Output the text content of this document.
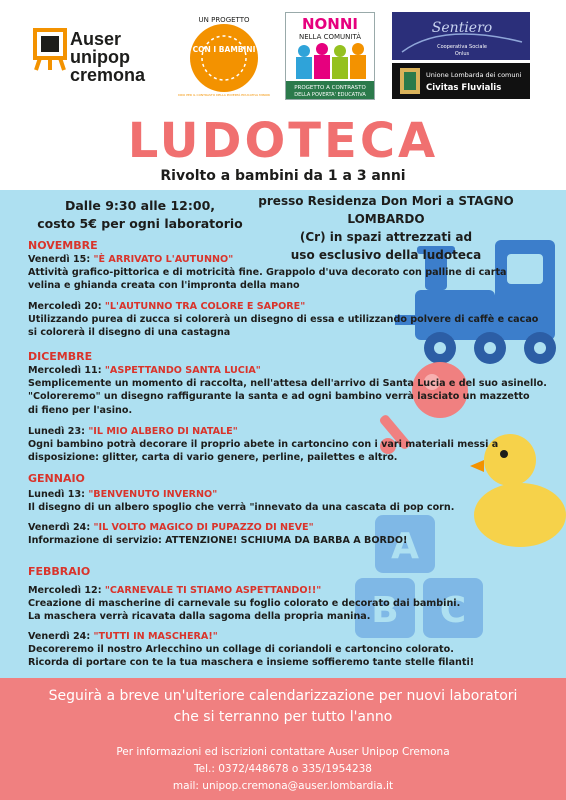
Auser
unipop
cremona
UN PROGETTO
CON I BAMBINI
FONDO PER IL CONTRASTO DELLA POVERTÀ EDUCATIVA MINORILE
NONNI
NELLA COMUNITÀ
PROGETTO A CONTRASTO
DELLA POVERTA' EDUCATIVA
Sentiero
Cooperativa Sociale
Onlus
Unione Lombarda dei comuni
Civitas Fluvialis
LUDOTECA
Rivolto a bambini da 1 a 3 anni
A
B C
Dalle 9:30 alle 12:00,
costo 5€ per ogni laboratorio
presso Residenza Don Mori a STAGNO LOMBARDO
(Cr) in spazi attrezzati ad
uso esclusivo della ludoteca
NOVEMBRE
Venerdì 15: "È ARRIVATO L'AUTUNNO"
Attività grafico-pittorica e di motricità fine. Grappolo d'uva decorato con palline di carta
velina e ghianda creata con l'impronta della mano
Mercoledì 20: "L'AUTUNNO TRA COLORE E SAPORE"
Utilizzando purea di zucca si colorerà un disegno di essa e utilizzando polvere di caffè e cacao
si colorerà il disegno di una castagna
DICEMBRE
Mercoledì 11: "ASPETTANDO SANTA LUCIA"
Semplicemente un momento di raccolta, nell'attesa dell'arrivo di Santa Lucia e del suo asinello.
"Coloreremo" un disegno raffigurante la santa e ad ogni bambino verrà lasciato un mazzetto
di fieno per l'asino.
Lunedì 23: "IL MIO ALBERO DI NATALE"
Ogni bambino potrà decorare il proprio abete in cartoncino con i vari materiali messi a
disposizione: glitter, carta di vario genere, perline, pailettes e altro.
GENNAIO
Lunedì 13: "BENVENUTO INVERNO"
Il disegno di un albero spoglio che verrà "innevato da una cascata di pop corn.
Venerdì 24: "IL VOLTO MAGICO DI PUPAZZO DI NEVE"
Informazione di servizio: ATTENZIONE! SCHIUMA DA BARBA A BORDO!
FEBBRAIO
Mercoledì 12: "CARNEVALE TI STIAMO ASPETTANDO!!"
Creazione di mascherine di carnevale su foglio colorato e decorato dai bambini.
La maschera verrà ricavata dalla sagoma della propria manina.
Venerdì 24: "TUTTI IN MASCHERA!"
Decoreremo il nostro Arlecchino un collage di coriandoli e cartoncino colorato.
Ricorda di portare con te la tua maschera e insieme soffieremo tante stelle filanti!
Seguirà a breve un'ulteriore calendarizzazione per nuovi laboratori
che si terranno per tutto l'anno
Per informazioni ed iscrizioni contattare Auser Unipop Cremona
Tel.: 0372/448678 o 335/1954238
mail: unipop.cremona@auser.lombardia.it
